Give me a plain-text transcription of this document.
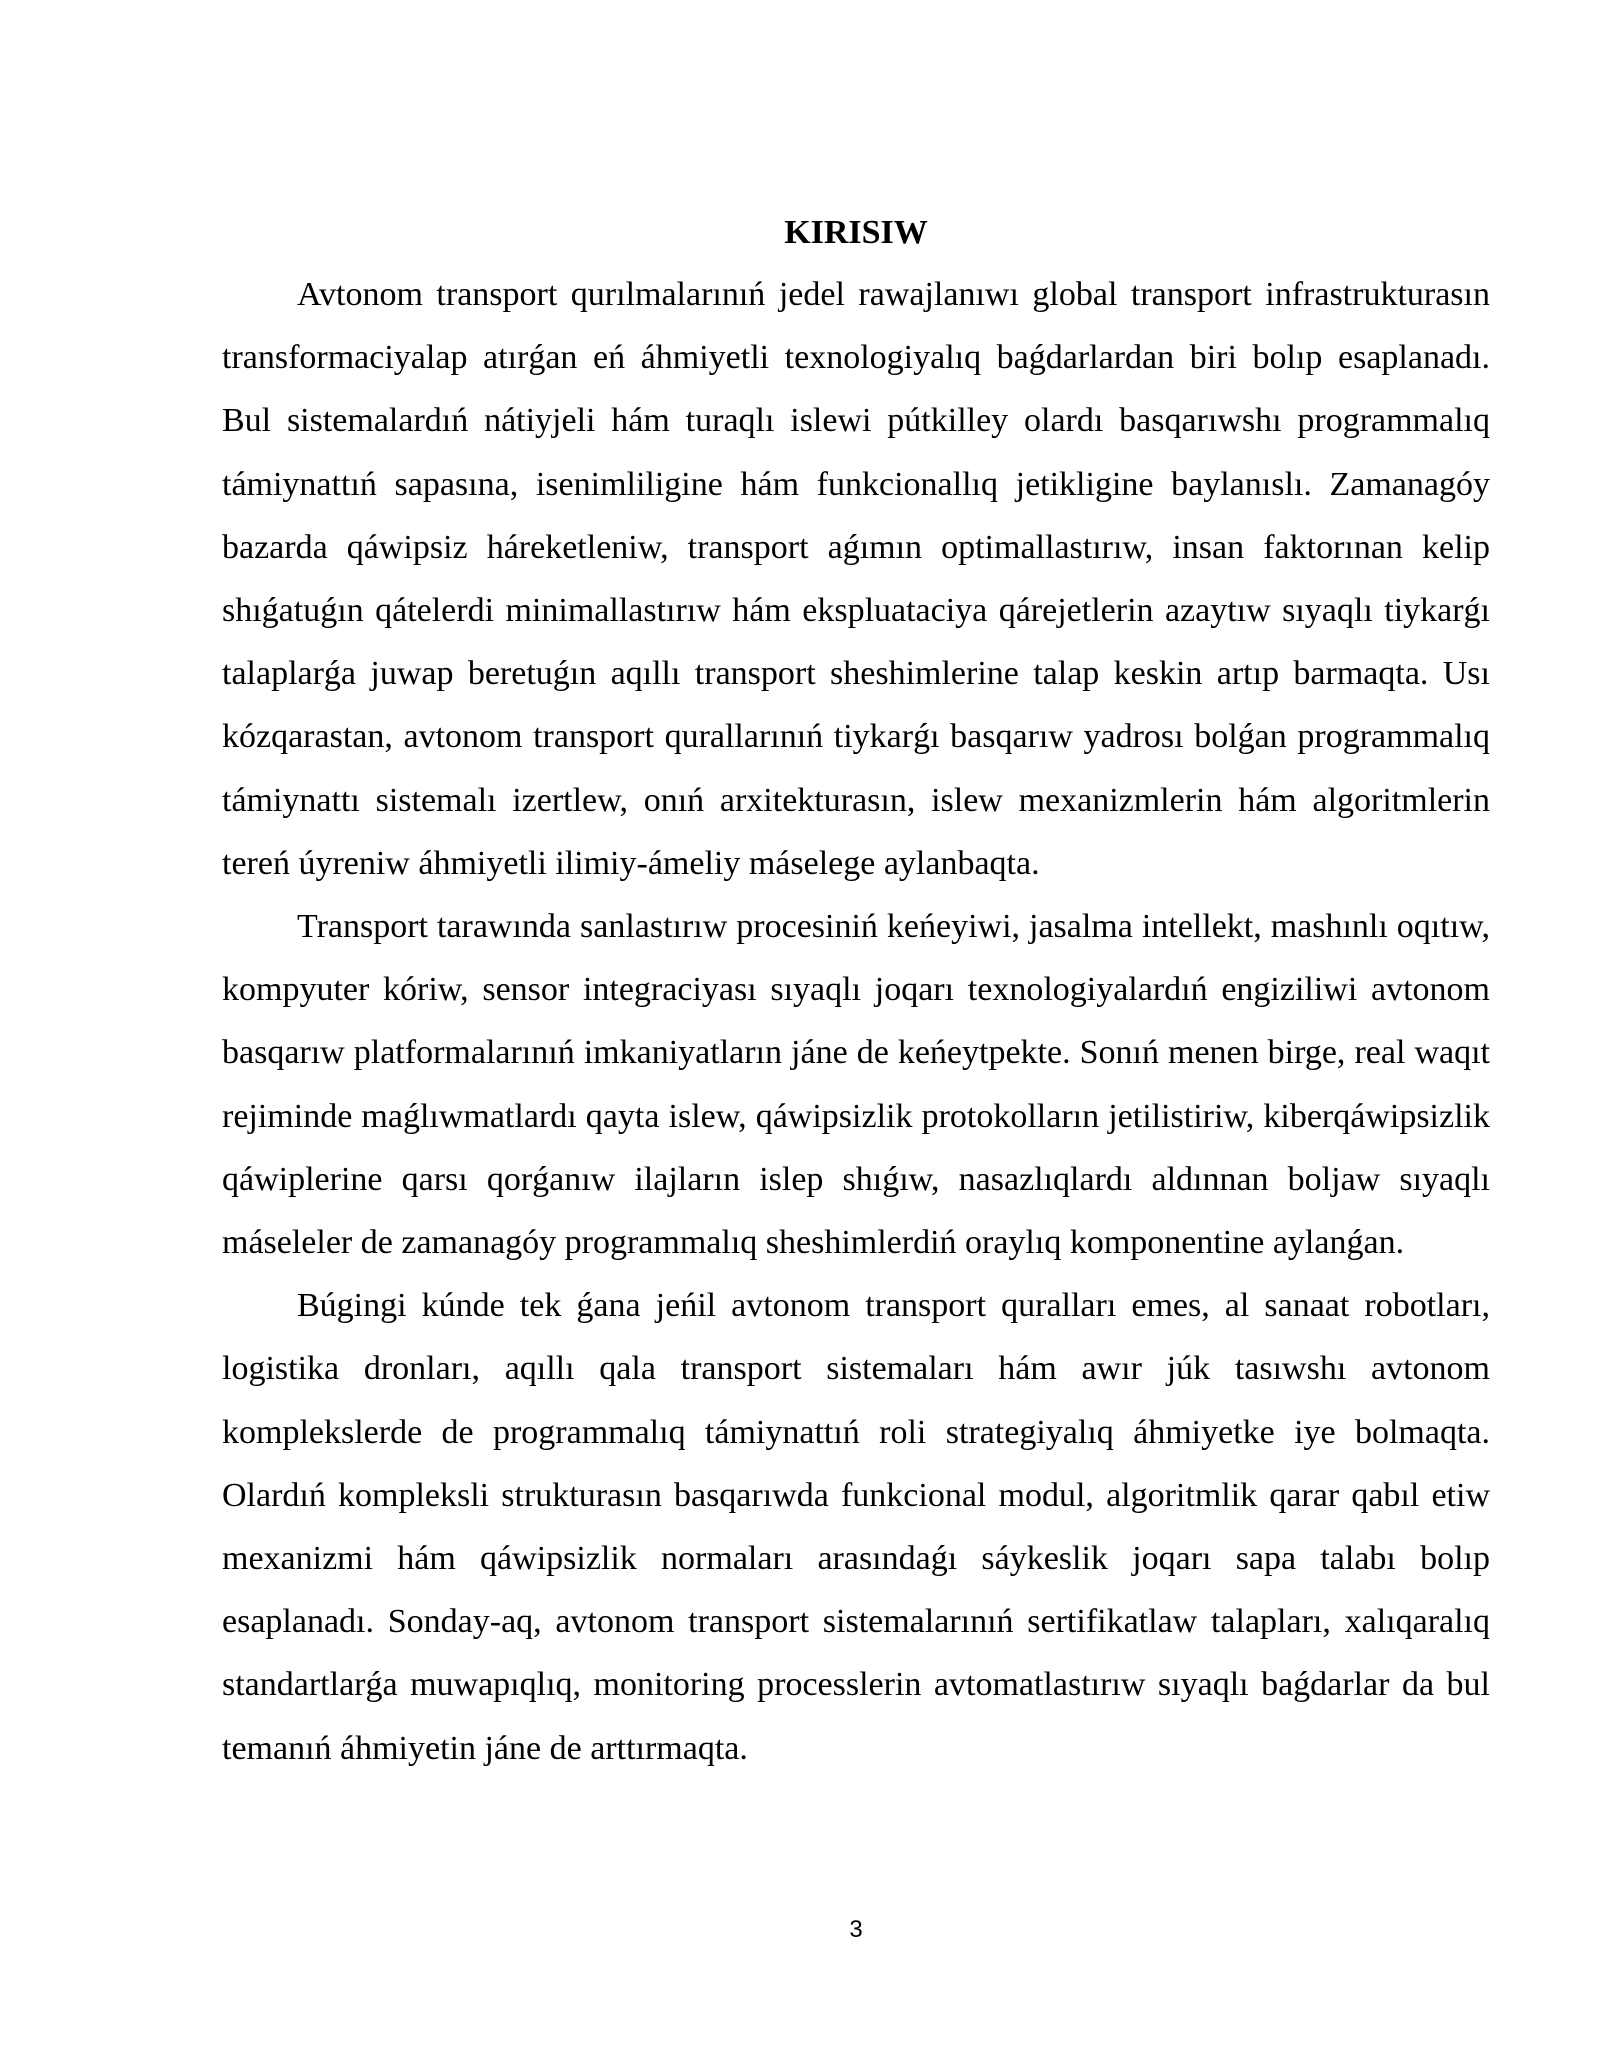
KIRISIW

Avtonom transport qurılmalarınıń jedel rawajlanıwı global transport infrastrukturasın transformaciyalap atırǵan eń áhmiyetli texnologiyalıq baǵdarlardan biri bolıp esaplanadı. Bul sistemalardıń nátiyjeli hám turaqlı islewi pútkilley olardı basqarıwshı programmalıq támiynattıń sapasına, isenimliligine hám funkcionallıq jetikligine baylanıslı. Zamanagóy bazarda qáwipsiz háreketleniw, transport aǵımın optimallastırıw, insan faktorınan kelip shıǵatuǵın qátelerdi minimallastırıw hám ekspluataciya qárejetlerin azaytıw sıyaqlı tiykarǵı talaplarǵa juwap beretuǵın aqıllı transport sheshimlerine talap keskin artıp barmaqta. Usı kózqarastan, avtonom transport qurallarınıń tiykarǵı basqarıw yadrosı bolǵan programmalıq támiynattı sistemalı izertlew, onıń arxitekturasın, islew mexanizmlerin hám algoritmlerin tereń úyreniw áhmiyetli ilimiy-ámeliy máselege aylanbaqta.

Transport tarawında sanlastırıw procesiniń keńeyiwi, jasalma intellekt, mashınlı oqıtıw, kompyuter kóriw, sensor integraciyası sıyaqlı joqarı texnologiyalardıń engiziliwi avtonom basqarıw platformalarınıń imkaniyatların jáne de keńeytpekte. Sonıń menen birge, real waqıt rejiminde maǵlıwmatlardı qayta islew, qáwipsizlik protokolların jetilistiriw, kiberqáwipsizlik qáwiplerine qarsı qorǵanıw ilajların islep shıǵıw, nasazlıqlardı aldınnan boljaw sıyaqlı máseleler de zamanagóy programmalıq sheshimlerdiń oraylıq komponentine aylanǵan.

Búgingi kúnde tek ǵana jeńil avtonom transport quralları emes, al sanaat robotları, logistika dronları, aqıllı qala transport sistemaları hám awır júk tasıwshı avtonom komplekslerde de programmalıq támiynattıń roli strategiyalıq áhmiyetke iye bolmaqta. Olardıń kompleksli strukturasın basqarıwda funkcional modul, algoritmlik qarar qabıl etiw mexanizmi hám qáwipsizlik normaları arasındaǵı sáykeslik joqarı sapa talabı bolıp esaplanadı. Sonday-aq, avtonom transport sistemalarınıń sertifikatlaw talapları, xalıqaralıq standartlarǵa muwapıqlıq, monitoring processlerin avtomatlastırıw sıyaqlı baǵdarlar da bul temanıń áhmiyetin jáne de arttırmaqta.

3
